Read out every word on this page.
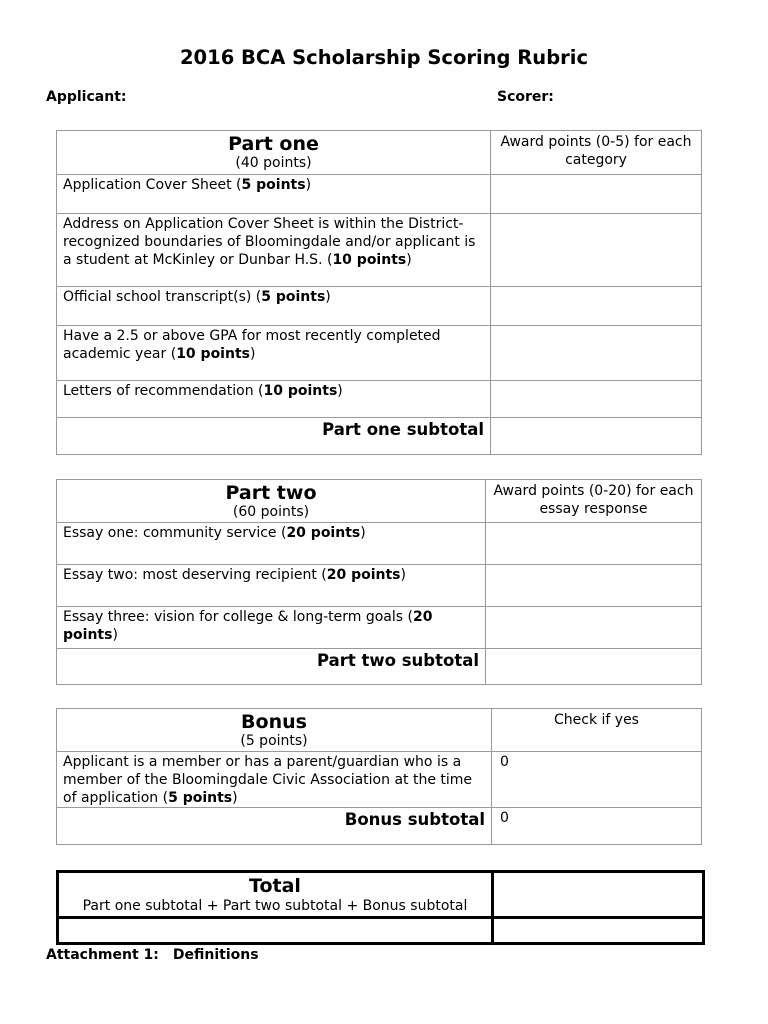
2016 BCA Scholarship Scoring Rubric
Applicant:	Scorer:
Part one
(40 points)	Award points (0-5) for each category
Application Cover Sheet (5 points)	
Address on Application Cover Sheet is within the District-recognized boundaries of Bloomingdale and/or applicant is a student at McKinley or Dunbar H.S. (10 points)	
Official school transcript(s) (5 points)	
Have a 2.5 or above GPA for most recently completed academic year (10 points)	
Letters of recommendation (10 points)	
Part one subtotal	
Part two
(60 points)	Award points (0-20) for each essay response
Essay one: community service (20 points)	
Essay two: most deserving recipient (20 points)	
Essay three: vision for college & long-term goals (20 points)	
Part two subtotal	
Bonus
(5 points)	Check if yes
Applicant is a member or has a parent/guardian who is a member of the Bloomingdale Civic Association at the time of application (5 points)	0
Bonus subtotal	0
Total
Part one subtotal + Part two subtotal + Bonus subtotal	

Attachment 1: Definitions
